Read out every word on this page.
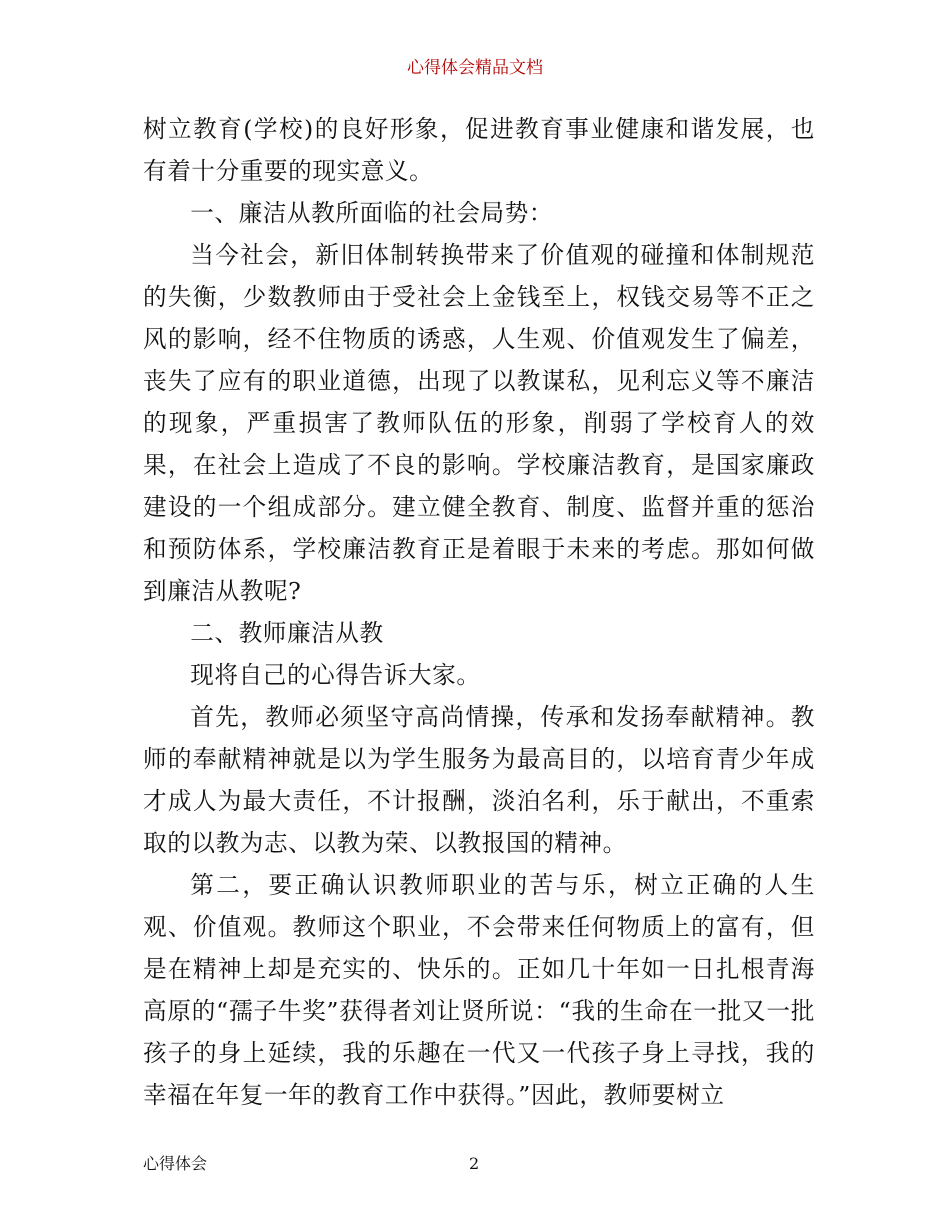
心得体会精品文档

树立教育(学校)的良好形象，促进教育事业健康和谐发展，也有着十分重要的现实意义。

一、廉洁从教所面临的社会局势：

当今社会，新旧体制转换带来了价值观的碰撞和体制规范的失衡，少数教师由于受社会上金钱至上，权钱交易等不正之风的影响，经不住物质的诱惑，人生观、价值观发生了偏差，丧失了应有的职业道德，出现了以教谋私，见利忘义等不廉洁的现象，严重损害了教师队伍的形象，削弱了学校育人的效果，在社会上造成了不良的影响。学校廉洁教育，是国家廉政建设的一个组成部分。建立健全教育、制度、监督并重的惩治和预防体系，学校廉洁教育正是着眼于未来的考虑。那如何做到廉洁从教呢?

二、教师廉洁从教

现将自己的心得告诉大家。

首先，教师必须坚守高尚情操，传承和发扬奉献精神。教师的奉献精神就是以为学生服务为最高目的，以培育青少年成才成人为最大责任，不计报酬，淡泊名利，乐于献出，不重索取的以教为志、以教为荣、以教报国的精神。

第二，要正确认识教师职业的苦与乐，树立正确的人生观、价值观。教师这个职业，不会带来任何物质上的富有，但是在精神上却是充实的、快乐的。正如几十年如一日扎根青海高原的“孺子牛奖”获得者刘让贤所说：“我的生命在一批又一批孩子的身上延续，我的乐趣在一代又一代孩子身上寻找，我的幸福在年复一年的教育工作中获得。”因此，教师要树立

心得体会	2
